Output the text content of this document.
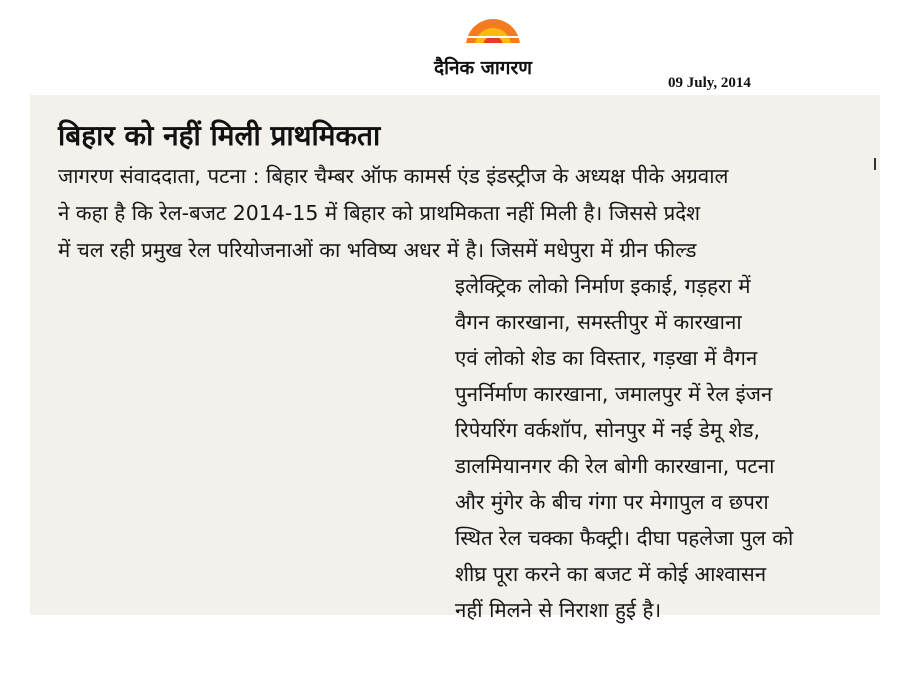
दैनिक जागरण
09 July, 2014
बिहार को नहीं मिली प्राथमिकता
जागरण संवाददाता, पटना : बिहार चैम्बर ऑफ कामर्स एंड इंडस्ट्रीज के अध्यक्ष पीके अग्रवाल
ने कहा है कि रेल-बजट 2014-15 में बिहार को प्राथमिकता नहीं मिली है। जिससे प्रदेश
में चल रही प्रमुख रेल परियोजनाओं का भविष्य अधर में है। जिसमें मधेपुरा में ग्रीन फील्ड
इलेक्ट्रिक लोको निर्माण इकाई, गड़हरा में
वैगन कारखाना, समस्तीपुर में कारखाना
एवं लोको शेड का विस्तार, गड़खा में वैगन
पुनर्निर्माण कारखाना, जमालपुर में रेल इंजन
रिपेयरिंग वर्कशॉप, सोनपुर में नई डेमू शेड,
डालमियानगर की रेल बोगी कारखाना, पटना
और मुंगेर के बीच गंगा पर मेगापुल व छपरा
स्थित रेल चक्का फैक्ट्री। दीघा पहलेजा पुल को
शीघ्र पूरा करने का बजट में कोई आश्वासन
नहीं मिलने से निराशा हुई है।
